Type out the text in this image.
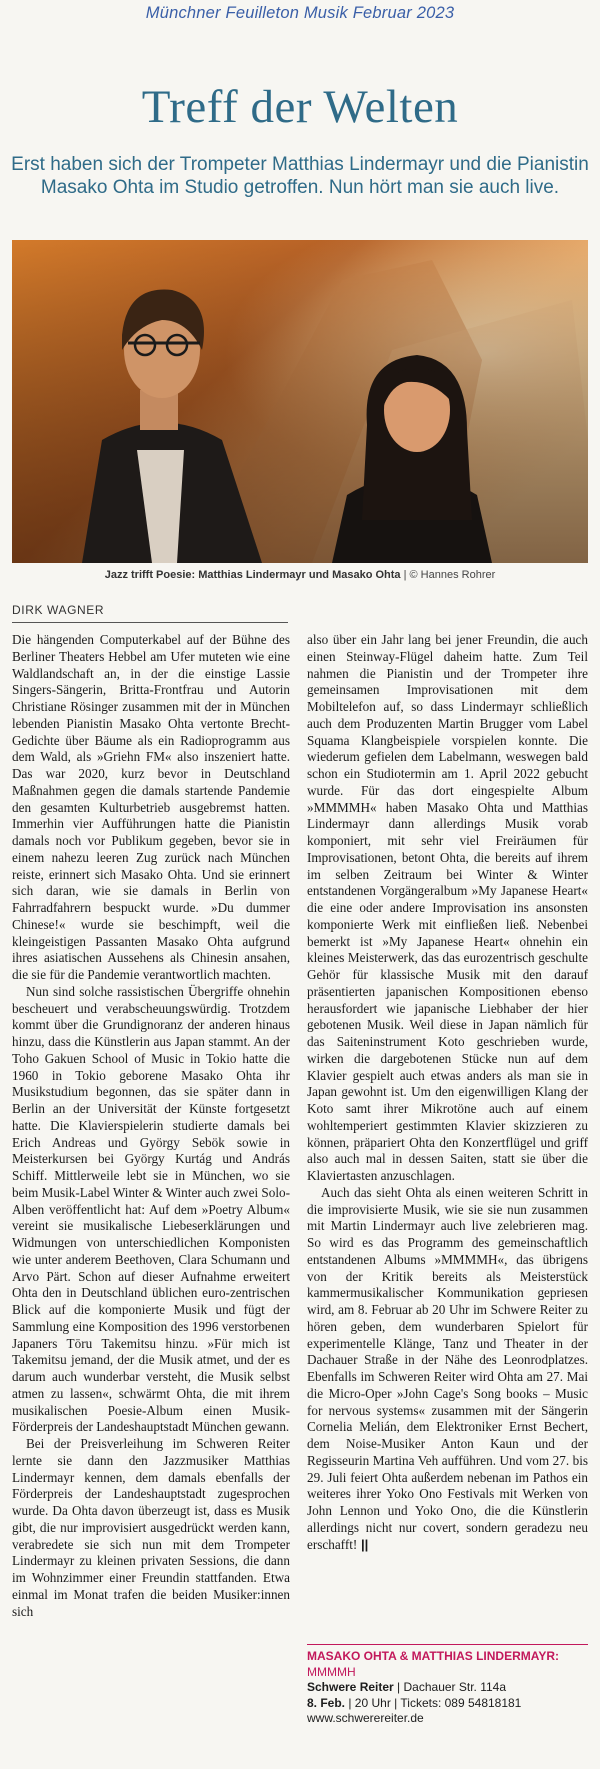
Münchner Feuilleton Musik Februar 2023
Treff der Welten

Erst haben sich der Trompeter Matthias Lindermayr und die Pianistin Masako Ohta im Studio getroffen. Nun hört man sie auch live.

Jazz trifft Poesie: Matthias Lindermayr und Masako Ohta | © Hannes Rohrer
DIRK WAGNER

Die hängenden Computerkabel auf der Bühne des Berliner Theaters Hebbel am Ufer muteten wie eine Waldlandschaft an, in der die einstige Lassie Singers-Sängerin, Britta-Frontfrau und Autorin Christiane Rösinger zusammen mit der in München lebenden Pianistin Masako Ohta vertonte Brecht-Gedichte über Bäume als ein Radioprogramm aus dem Wald, als »Griehn FM« also inszeniert hatte. Das war 2020, kurz bevor in Deutschland Maßnahmen gegen die damals startende Pandemie den gesamten Kulturbetrieb ausgebremst hatten. Immerhin vier Aufführungen hatte die Pianistin damals noch vor Publikum gegeben, bevor sie in einem nahezu leeren Zug zurück nach München reiste, erinnert sich Masako Ohta. Und sie erinnert sich daran, wie sie damals in Berlin von Fahrradfahrern bespuckt wurde. »Du dummer Chinese!« wurde sie beschimpft, weil die kleingeistigen Passanten Masako Ohta aufgrund ihres asiatischen Aussehens als Chinesin ansahen, die sie für die Pandemie verantwortlich machten.

Nun sind solche rassistischen Übergriffe ohnehin bescheuert und verabscheuungswürdig. Trotzdem kommt über die Grundignoranz der anderen hinaus hinzu, dass die Künstlerin aus Japan stammt. An der Toho Gakuen School of Music in Tokio hatte die 1960 in Tokio geborene Masako Ohta ihr Musikstudium begonnen, das sie später dann in Berlin an der Universität der Künste fortgesetzt hatte. Die Klavierspielerin studierte damals bei Erich Andreas und György Sebök sowie in Meisterkursen bei György Kurtág und András Schiff. Mittlerweile lebt sie in München, wo sie beim Musik-Label Winter & Winter auch zwei Solo-Alben veröffentlicht hat: Auf dem »Poetry Album« vereint sie musikalische Liebeserklärungen und Widmungen von unterschiedlichen Komponisten wie unter anderem Beethoven, Clara Schumann und Arvo Pärt. Schon auf dieser Aufnahme erweitert Ohta den in Deutschland üblichen euro-zentrischen Blick auf die komponierte Musik und fügt der Sammlung eine Komposition des 1996 verstorbenen Japaners Tōru Takemitsu hinzu. »Für mich ist Takemitsu jemand, der die Musik atmet, und der es darum auch wunderbar versteht, die Musik selbst atmen zu lassen«, schwärmt Ohta, die mit ihrem musikalischen Poesie-Album einen Musik-Förderpreis der Landeshauptstadt München gewann.

Bei der Preisverleihung im Schweren Reiter lernte sie dann den Jazzmusiker Matthias Lindermayr kennen, dem damals ebenfalls der Förderpreis der Landeshauptstadt zugesprochen wurde. Da Ohta davon überzeugt ist, dass es Musik gibt, die nur improvisiert ausgedrückt werden kann, verabredete sie sich nun mit dem Trompeter Lindermayr zu kleinen privaten Sessions, die dann im Wohnzimmer einer Freundin stattfanden. Etwa einmal im Monat trafen die beiden Musiker:innen sich

also über ein Jahr lang bei jener Freundin, die auch einen Steinway-Flügel daheim hatte. Zum Teil nahmen die Pianistin und der Trompeter ihre gemeinsamen Improvisationen mit dem Mobiltelefon auf, so dass Lindermayr schließlich auch dem Produzenten Martin Brugger vom Label Squama Klangbeispiele vorspielen konnte. Die wiederum gefielen dem Labelmann, weswegen bald schon ein Studiotermin am 1. April 2022 gebucht wurde. Für das dort eingespielte Album »MMMMH« haben Masako Ohta und Matthias Lindermayr dann allerdings Musik vorab komponiert, mit sehr viel Freiräumen für Improvisationen, betont Ohta, die bereits auf ihrem im selben Zeitraum bei Winter & Winter entstandenen Vorgängeralbum »My Japanese Heart« die eine oder andere Improvisation ins ansonsten komponierte Werk mit einfließen ließ. Nebenbei bemerkt ist »My Japanese Heart« ohnehin ein kleines Meisterwerk, das das eurozentrisch geschulte Gehör für klassische Musik mit den darauf präsentierten japanischen Kompositionen ebenso herausfordert wie japanische Liebhaber der hier gebotenen Musik. Weil diese in Japan nämlich für das Saiteninstrument Koto geschrieben wurde, wirken die dargebotenen Stücke nun auf dem Klavier gespielt auch etwas anders als man sie in Japan gewohnt ist. Um den eigenwilligen Klang der Koto samt ihrer Mikrotöne auch auf einem wohltemperiert gestimmten Klavier skizzieren zu können, präpariert Ohta den Konzertflügel und griff also auch mal in dessen Saiten, statt sie über die Klaviertasten anzuschlagen.

Auch das sieht Ohta als einen weiteren Schritt in die improvisierte Musik, wie sie sie nun zusammen mit Martin Lindermayr auch live zelebrieren mag. So wird es das Programm des gemeinschaftlich entstandenen Albums »MMMMH«, das übrigens von der Kritik bereits als Meisterstück kammermusikalischer Kommunikation gepriesen wird, am 8. Februar ab 20 Uhr im Schwere Reiter zu hören geben, dem wunderbaren Spielort für experimentelle Klänge, Tanz und Theater in der Dachauer Straße in der Nähe des Leonrodplatzes. Ebenfalls im Schweren Reiter wird Ohta am 27. Mai die Micro-Oper »John Cage's Song books – Music for nervous systems« zusammen mit der Sängerin Cornelia Melián, dem Elektroniker Ernst Bechert, dem Noise-Musiker Anton Kaun und der Regisseurin Martina Veh aufführen. Und vom 27. bis 29. Juli feiert Ohta außerdem nebenan im Pathos ein weiteres ihrer Yoko Ono Festivals mit Werken von John Lennon und Yoko Ono, die die Künstlerin allerdings nicht nur covert, sondern geradezu neu erschafft! ||

MASAKO OHTA & MATTHIAS LINDERMAYR: MMMMH
Schwere Reiter | Dachauer Str. 114a
8. Feb. | 20 Uhr | Tickets: 089 54818181
www.schwerereiter.de
